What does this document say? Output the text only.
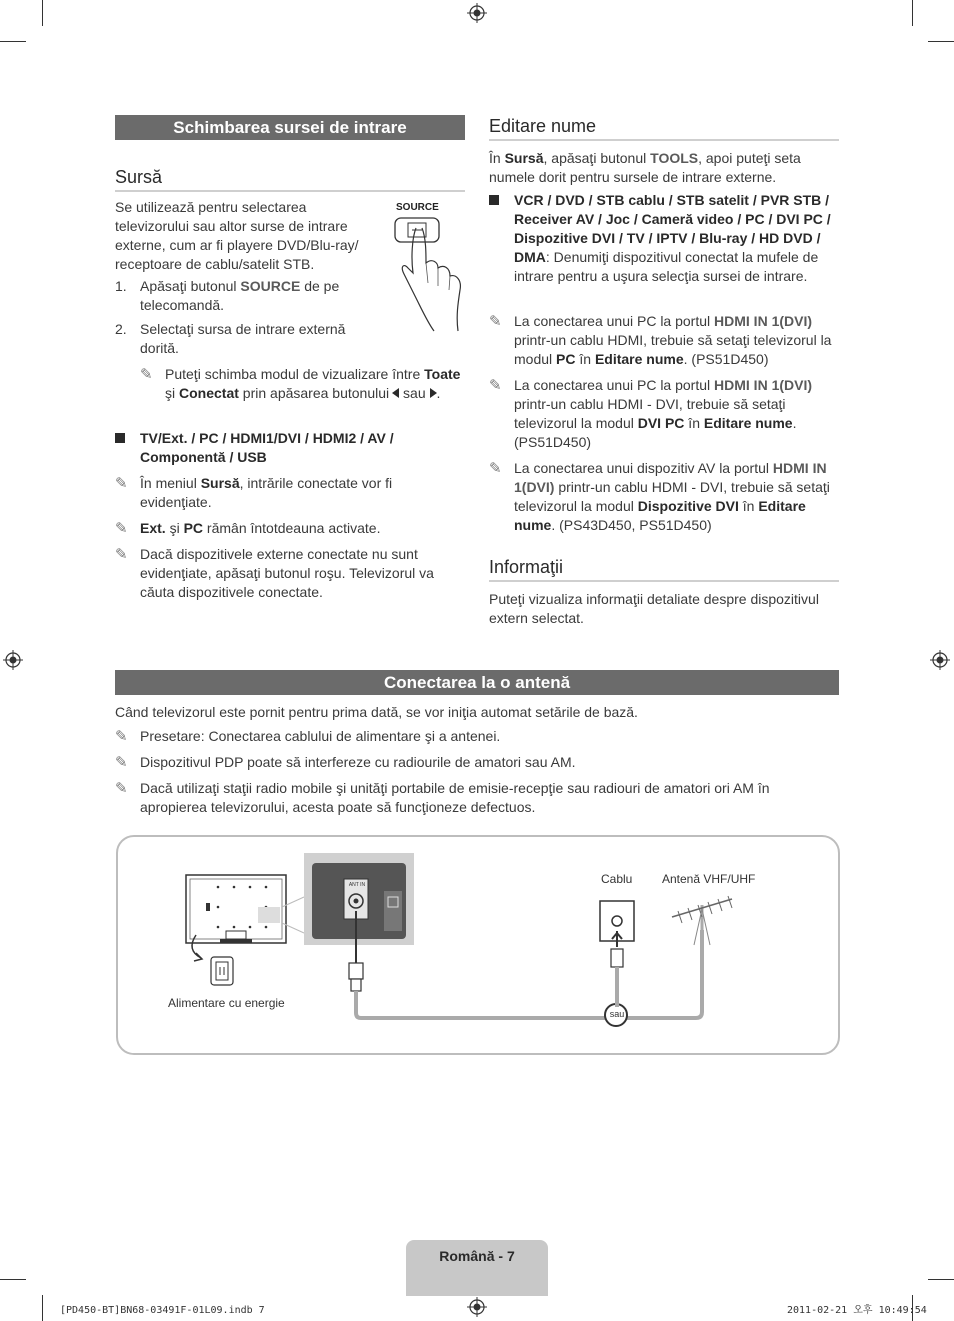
Schimbarea sursei de intrare
Sursă

Se utilizează pentru selectarea televizorului sau altor surse de intrare externe, cum ar fi playere DVD/Blu-ray/ receptoare de cablu/satelit STB.

SOURCE
1. Apăsaţi butonul SOURCE de pe telecomandă.
2. Selectaţi sursa de intrare externă dorită.
✎ Puteţi schimba modul de vizualizare între Toate şi Conectat prin apăsarea butonului sau .
TV/Ext. / PC / HDMI1/DVI / HDMI2 / AV / Componentă / USB
✎ În meniul Sursă, intrările conectate vor fi evidenţiate.
✎ Ext. şi PC rămân întotdeauna activate.
✎ Dacă dispozitivele externe conectate nu sunt evidenţiate, apăsaţi butonul roşu. Televizorul va căuta dispozitivele conectate.
Editare nume
În Sursă, apăsaţi butonul TOOLS, apoi puteţi seta numele dorit pentru sursele de intrare externe.
VCR / DVD / STB cablu / STB satelit / PVR STB / Receiver AV / Joc / Cameră video / PC / DVI PC / Dispozitive DVI / TV / IPTV / Blu-ray / HD DVD / DMA: Denumiţi dispozitivul conectat la mufele de intrare pentru a uşura selecţia sursei de intrare.
✎ La conectarea unui PC la portul HDMI IN 1(DVI) printr-un cablu HDMI, trebuie să setaţi televizorul la modul PC în Editare nume. (PS51D450)
✎ La conectarea unui PC la portul HDMI IN 1(DVI) printr-un cablu HDMI - DVI, trebuie să setaţi televizorul la modul DVI PC în Editare nume. (PS51D450)
✎ La conectarea unui dispozitiv AV la portul HDMI IN 1(DVI) printr-un cablu HDMI - DVI, trebuie să setaţi televizorul la modul Dispozitive DVI în Editare nume. (PS43D450, PS51D450)
Informaţii
Puteţi vizualiza informaţii detaliate despre dispozitivul extern selectat.
Conectarea la o antenă
Când televizorul este pornit pentru prima dată, se vor iniţia automat setările de bază.
✎ Presetare: Conectarea cablului de alimentare şi a antenei.
✎ Dispozitivul PDP poate să interfereze cu radiourile de amatori sau AM.
✎ Dacă utilizaţi staţii radio mobile şi unităţi portabile de emisie-recepţie sau radiouri de amatori ori AM în apropierea televizorului, acesta poate să funcţioneze defectuos.
Alimentare cu energie
ANT IN	Cablu Antenă VHF/UHF
sau
Română - 7
[PD450-BT]BN68-03491F-01L09.indb 7	2011-02-21 오후 10:49:54
